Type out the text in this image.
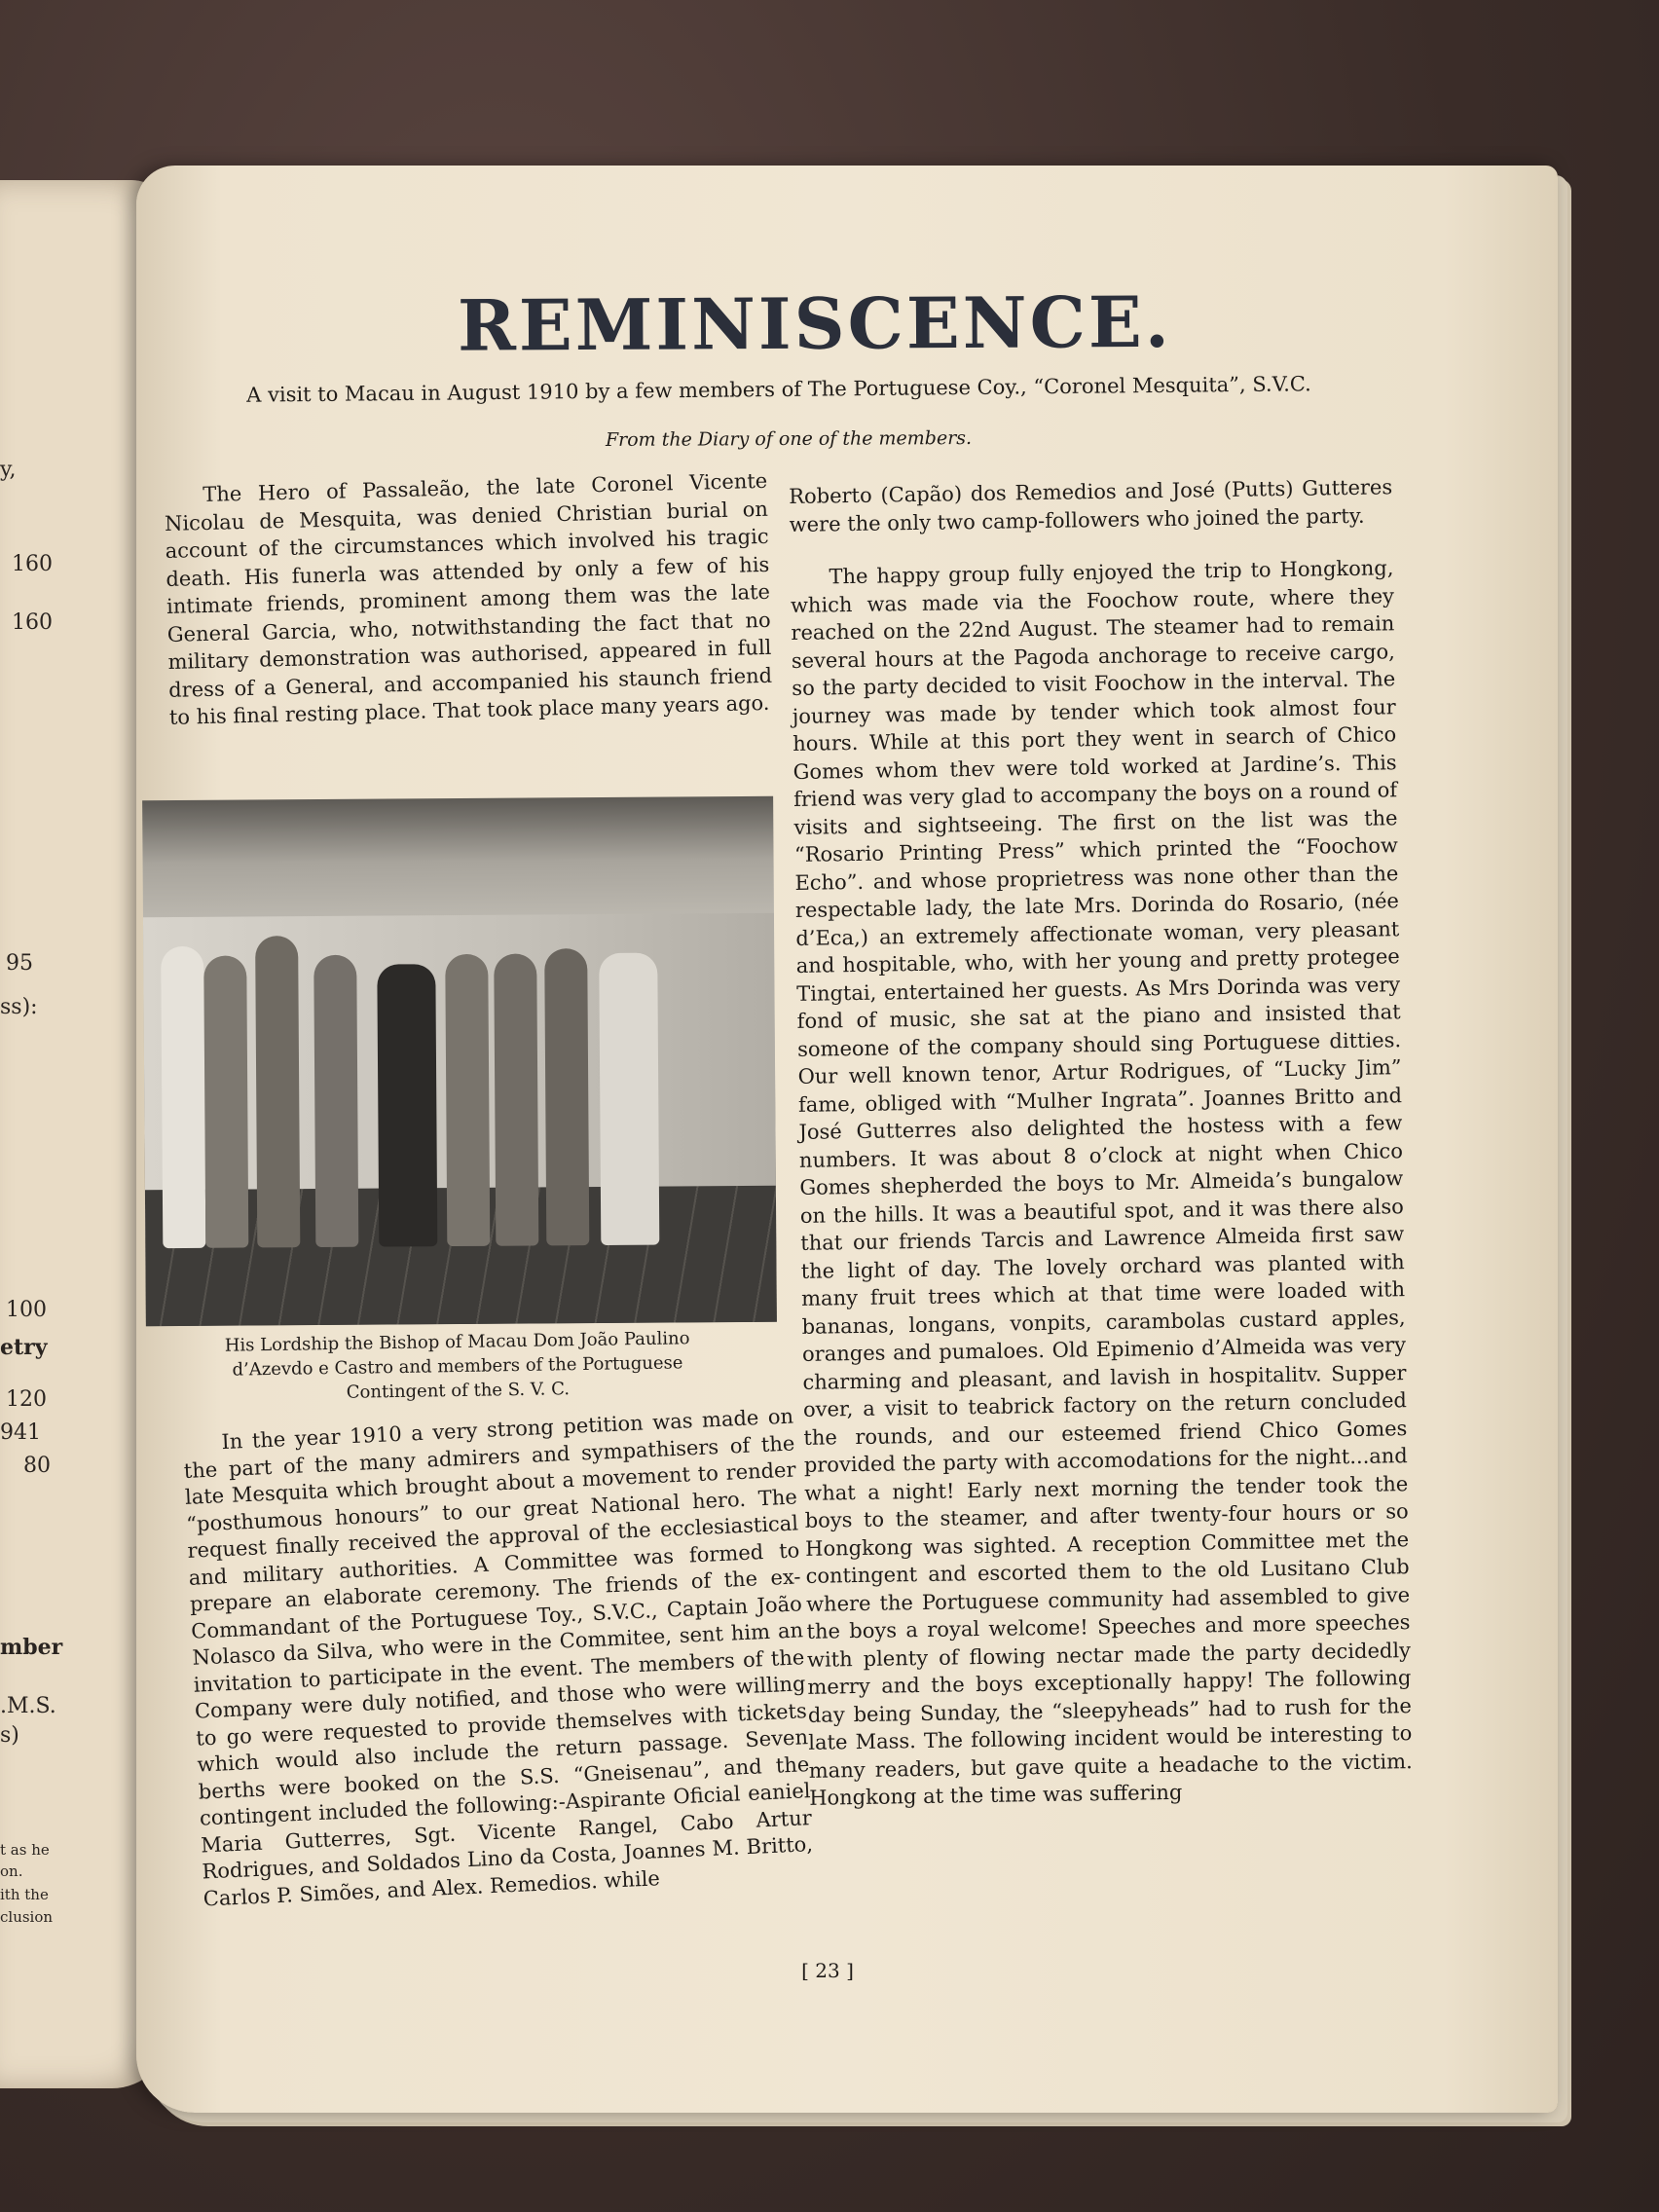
y,
160
160
95
ss):
100
etry
120
941
80
mber
.M.S.
s)
t as he
on.
ith the
clusion
REMINISCENCE.
A visit to Macau in August 1910 by a few members of The Portuguese Coy., “Coronel Mesquita”, S.V.C.
From the Diary of one of the members.

The Hero of Passaleão, the late Coronel Vicente Nicolau de Mesquita, was denied Christian burial on account of the circumstances which involved his tragic death. His funerla was attended by only a few of his intimate friends, prominent among them was the late General Garcia, who, notwithstanding the fact that no military demonstration was authorised, appeared in full dress of a General, and accompanied his staunch friend to his final resting place. That took place many years ago.

His Lordship the Bishop of Macau Dom João Paulino d’Azevdo e Castro and members of the Portuguese Contingent of the S. V. C.

In the year 1910 a very strong petition was made on the part of the many admirers and sympathisers of the late Mesquita which brought about a movement to render “posthumous honours” to our great National hero. The request finally received the approval of the ecclesiastical and military authorities. A Committee was formed to prepare an elaborate ceremony. The friends of the ex-Commandant of the Portuguese Toy., S.V.C., Captain João Nolasco da Silva, who were in the Commitee, sent him an invitation to participate in the event. The members of the Company were duly notified, and those who were willing to go were requested to provide themselves with tickets which would also include the return passage. Seven berths were booked on the S.S. “Gneisenau”, and the contingent included the following:-Aspirante Oficial eaniel Maria Gutterres, Sgt. Vicente Rangel, Cabo Artur Rodrigues, and Soldados Lino da Costa, Joannes M. Britto, Carlos P. Simões, and Alex. Remedios. while

Roberto (Capão) dos Remedios and José (Putts) Gutteres were the only two camp-followers who joined the party.

The happy group fully enjoyed the trip to Hongkong, which was made via the Foochow route, where they reached on the 22nd August. The steamer had to remain several hours at the Pagoda anchorage to receive cargo, so the party decided to visit Foochow in the interval. The journey was made by tender which took almost four hours. While at this port they went in search of Chico Gomes whom thev were told worked at Jardine’s. This friend was very glad to accompany the boys on a round of visits and sightseeing. The first on the list was the “Rosario Printing Press” which printed the “Foochow Echo”. and whose proprietress was none other than the respectable lady, the late Mrs. Dorinda do Rosario, (née d’Eca,) an extremely affectionate woman, very pleasant and hospitable, who, with her young and pretty protegee Tingtai, entertained her guests. As Mrs Dorinda was very fond of music, she sat at the piano and insisted that someone of the company should sing Portuguese ditties. Our well known tenor, Artur Rodrigues, of “Lucky Jim” fame, obliged with “Mulher Ingrata”. Joannes Britto and José Gutterres also delighted the hostess with a few numbers. It was about 8 o’clock at night when Chico Gomes shepherded the boys to Mr. Almeida’s bungalow on the hills. It was a beautiful spot, and it was there also that our friends Tarcis and Lawrence Almeida first saw the light of day. The lovely orchard was planted with many fruit trees which at that time were loaded with bananas, longans, vonpits, carambolas custard apples, oranges and pumaloes. Old Epimenio d’Almeida was very charming and pleasant, and lavish in hospitalitv. Supper over, a visit to teabrick factory on the return concluded the rounds, and our esteemed friend Chico Gomes provided the party with accomodations for the night...and what a night! Early next morning the tender took the boys to the steamer, and after twenty-four hours or so Hongkong was sighted. A reception Committee met the contingent and escorted them to the old Lusitano Club where the Portuguese community had assembled to give the boys a royal welcome! Speeches and more speeches with plenty of flowing nectar made the party decidedly merry and the boys exceptionally happy! The following day being Sunday, the “sleepyheads” had to rush for the late Mass. The following incident would be interesting to many readers, but gave quite a headache to the victim. Hongkong at the time was suffering

[ 23 ]
